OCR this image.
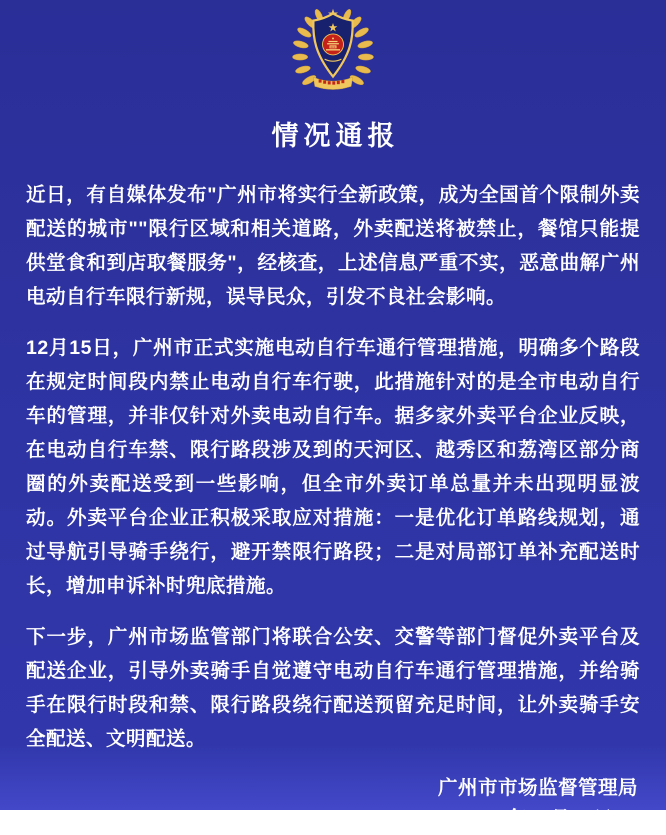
情况通报

近日，有自媒体发布"广州市将实行全新政策，成为全国首个限制外卖配送的城市""限行区域和相关道路，外卖配送将被禁止，餐馆只能提供堂食和到店取餐服务"，经核查，上述信息严重不实，恶意曲解广州电动自行车限行新规，误导民众，引发不良社会影响。

12月15日，广州市正式实施电动自行车通行管理措施，明确多个路段在规定时间段内禁止电动自行车行驶，此措施针对的是全市电动自行车的管理，并非仅针对外卖电动自行车。据多家外卖平台企业反映，在电动自行车禁、限行路段涉及到的天河区、越秀区和荔湾区部分商圈的外卖配送受到一些影响，但全市外卖订单总量并未出现明显波动。外卖平台企业正积极采取应对措施：一是优化订单路线规划，通过导航引导骑手绕行，避开禁限行路段；二是对局部订单补充配送时长，增加申诉补时兜底措施。

下一步，广州市场监管部门将联合公安、交警等部门督促外卖平台及配送企业，引导外卖骑手自觉遵守电动自行车通行管理措施，并给骑手在限行时段和禁、限行路段绕行配送预留充足时间，让外卖骑手安全配送、文明配送。

广州市市场监督管理局
2023年12月23日
